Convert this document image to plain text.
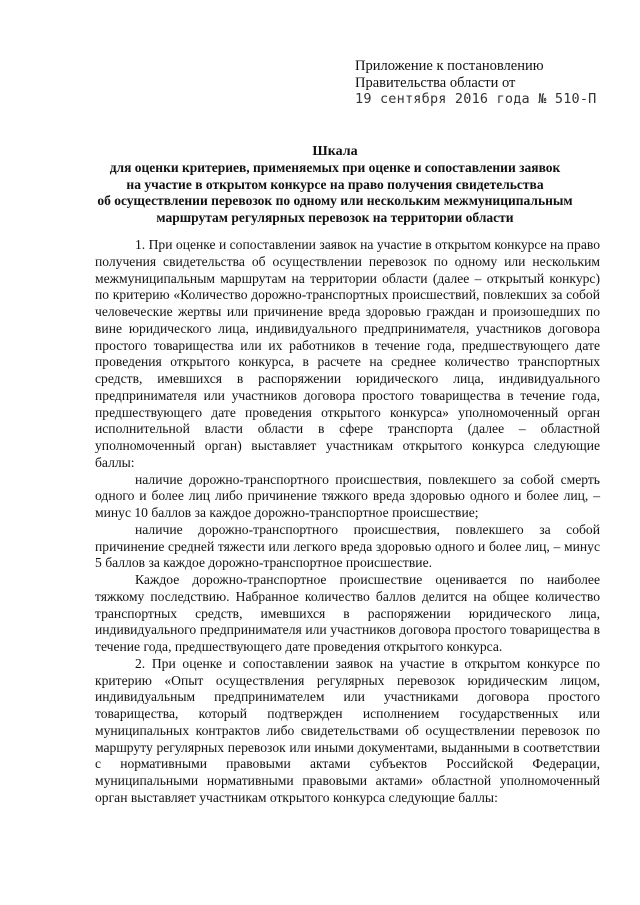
Приложение к постановлению
Правительства области от
19 сентября 2016 года № 510-П
Шкала
для оценки критериев, применяемых при оценке и сопоставлении заявок
на участие в открытом конкурсе на право получения свидетельства
об осуществлении перевозок по одному или нескольким межмуниципальным
маршрутам регулярных перевозок на территории области

1. При оценке и сопоставлении заявок на участие в открытом конкурсе на право получения свидетельства об осуществлении перевозок по одному или нескольким межмуниципальным маршрутам на территории области (далее – открытый конкурс) по критерию «Количество дорожно-транспортных происшествий, повлекших за собой человеческие жертвы или причинение вреда здоровью граждан и произошедших по вине юридического лица, индивидуального предпринимателя, участников договора простого товарищества или их работников в течение года, предшествующего дате проведения открытого конкурса, в расчете на среднее количество транспортных средств, имевшихся в распоряжении юридического лица, индивидуального предпринимателя или участников договора простого товарищества в течение года, предшествующего дате проведения открытого конкурса» уполномоченный орган исполнительной власти области в сфере транспорта (далее – областной уполномоченный орган) выставляет участникам открытого конкурса следующие баллы:

наличие дорожно-транспортного происшествия, повлекшего за собой смерть одного и более лиц либо причинение тяжкого вреда здоровью одного и более лиц, – минус 10 баллов за каждое дорожно-транспортное происшествие;

наличие дорожно-транспортного происшествия, повлекшего за собой причинение средней тяжести или легкого вреда здоровью одного и более лиц, – минус 5 баллов за каждое дорожно-транспортное происшествие.

Каждое дорожно-транспортное происшествие оценивается по наиболее тяжкому последствию. Набранное количество баллов делится на общее количество транспортных средств, имевшихся в распоряжении юридического лица, индивидуального предпринимателя или участников договора простого товарищества в течение года, предшествующего дате проведения открытого конкурса.

2. При оценке и сопоставлении заявок на участие в открытом конкурсе по критерию «Опыт осуществления регулярных перевозок юридическим лицом, индивидуальным предпринимателем или участниками договора простого товарищества, который подтвержден исполнением государственных или муниципальных контрактов либо свидетельствами об осуществлении перевозок по маршруту регулярных перевозок или иными документами, выданными в соответствии с нормативными правовыми актами субъектов Российской Федерации, муниципальными нормативными правовыми актами» областной уполномоченный орган выставляет участникам открытого конкурса следующие баллы:
